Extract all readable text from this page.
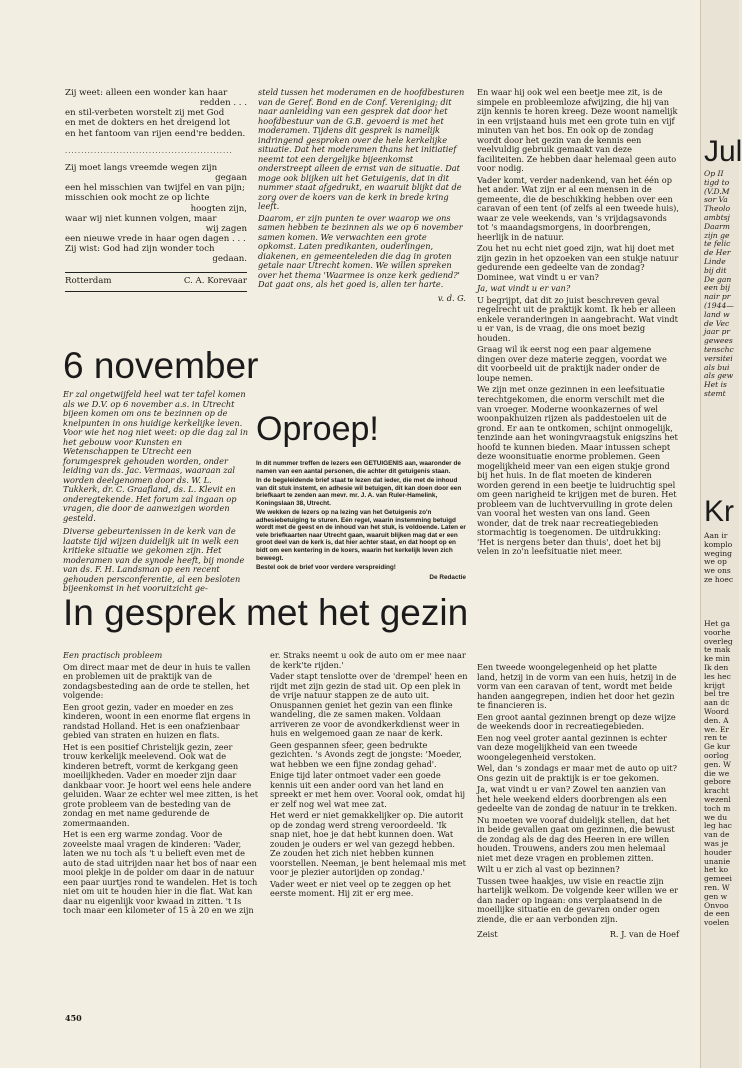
Zij weet: alleen een wonder kan haar
redden . . .
en stil-verbeten worstelt zij met God
en met de dokters en het dreigend lot
en het fantoom van rijen eend're bedden.
....................................................
Zij moet langs vreemde wegen zijn
gegaan
een hel misschien van twijfel en van pijn;
misschien ook mocht ze op lichte
hoogten zijn,
waar wij niet kunnen volgen, maar
wij zagen
een nieuwe vrede in haar ogen dagen . . .
Zij wist: God had zijn wonder toch
gedaan.
Rotterdam	C. A. Korevaar
6 november

Er zal ongetwijfeld heel wat ter tafel komen als we D.V. op 6 november a.s. in Utrecht bijeen komen om ons te bezinnen op de knelpunten in ons huidige kerkelijke leven. Voor wie het nog niet weet: op die dag zal in het gebouw voor Kunsten en Wetenschappen te Utrecht een forumgesprek gehouden worden, onder leiding van ds. Jac. Vermaas, waaraan zal worden deelgenomen door ds. W. L. Tukkerk, dr. C. Graafland, ds. L. Klevit en onderegtekende. Het forum zal ingaan op vragen, die door de aanwezigen worden gesteld.

Diverse gebeurtenissen in de kerk van de laatste tijd wijzen duidelijk uit in welk een kritieke situatie we gekomen zijn. Het moderamen van de synode heeft, bij monde van ds. F. H. Landsman op een recent gehouden persconferentie, al een besloten bijeenkomst in het vooruitzicht ge-

steld tussen het moderamen en de hoofdbesturen van de Geref. Bond en de Conf. Vereniging; dit naar aanleiding van een gesprek dat door het hoofdbestuur van de G.B. gevoerd is met het moderamen. Tijdens dit gesprek is namelijk indringend gesproken over de hele kerkelijke situatie. Dat het moderamen thans het initiatief neemt tot een dergelijke bijeenkomst onderstreept alleen de ernst van de situatie. Dat moge ook blijken uit het Getuigenis, dat in dit nummer staat afgedrukt, en waaruit blijkt dat de zorg over de koers van de kerk in brede kring leeft.

Daarom, er zijn punten te over waarop we ons samen hebben te bezinnen als we op 6 november samen komen. We verwachten een grote opkomst. Laten predikanten, ouderlingen, diakenen, en gemeenteleden die dag in groten getale naar Utrecht komen. We willen spreken over het thema 'Waarmee is onze kerk gediend?' Dat gaat ons, als het goed is, allen ter harte.

v. d. G.
Oproep!

In dit nummer treffen de lezers een GETUIGENIS aan, waaronder de namen van een aantal personen, die achter dit getuigenis staan.

In de begeleidende brief staat te lezen dat ieder, die met de inhoud van dit stuk instemt, en adhesie wil betuigen, dit kan doen door een briefkaart te zenden aan mevr. mr. J. A. van Ruler-Hamelink, Koningslaan 38, Utrecht.

We wekken de lezers op na lezing van het Getuigenis zo'n adhesiebetuiging te sturen. Eén regel, waarin instemming betuigd wordt met de geest en de inhoud van het stuk, is voldoende. Laten er vele briefkaarten naar Utrecht gaan, waaruit blijken mag dat er een groot deel van de kerk is, dat hier achter staat, en dat hoopt op en bidt om een kentering in de koers, waarin het kerkelijk leven zich beweegt.

Bestel ook de brief voor verdere verspreiding!

De Redactie

En waar hij ook wel een beetje mee zit, is de simpele en probleemloze afwijzing, die hij van zijn kennis te horen kreeg. Deze woont namelijk in een vrijstaand huis met een grote tuin en vijf minuten van het bos. En ook op de zondag wordt door het gezin van de kennis een veelvuldig gebruik gemaakt van deze faciliteiten. Ze hebben daar helemaal geen auto voor nodig.

Vader komt, verder nadenkend, van het één op het ander. Wat zijn er al een mensen in de gemeente, die de beschikking hebben over een caravan of een tent (of zelfs al een tweede huis), waar ze vele weekends, van 's vrijdagsavonds tot 's maandagsmorgens, in doorbrengen, heerlijk in de natuur.

Zou het nu echt niet goed zijn, wat hij doet met zijn gezin in het opzoeken van een stukje natuur gedurende een gedeelte van de zondag? Dominee, wat vindt u er van?

Ja, wat vindt u er van?

U begrijpt, dat dit zo juist beschreven geval regelrecht uit de praktijk komt. Ik heb er alleen enkele veranderingen in aangebracht. Wat vindt u er van, is de vraag, die ons moet bezig houden.

Graag wil ik eerst nog een paar algemene dingen over deze materie zeggen, voordat we dit voorbeeld uit de praktijk nader onder de loupe nemen.

We zijn met onze gezinnen in een leefsituatie terechtgekomen, die enorm verschilt met die van vroeger. Moderne woonkazernes of wel woonpakhuizen rijzen als paddestoelen uit de grond. Er aan te ontkomen, schijnt onmogelijk, tenzinde aan het woningvraagstuk enigszins het hoofd te kunnen bieden. Maar intussen schept deze woonsituatie enorme problemen. Geen mogelijkheid meer van een eigen stukje grond bij het huis. In de flat moeten de kinderen worden gerend in een beetje te luidruchtig spel om geen narigheid te krijgen met de buren. Het probleem van de luchtvervuiling in grote delen van vooral het westen van ons land. Geen wonder, dat de trek naar recreatiegebieden stormachtig is toegenomen. De uitdrukking: 'Het is nergens beter dan thuis', doet het bij velen in zo'n leefsituatie niet meer.

In gesprek met het gezin

Een practisch probleem

Om direct maar met de deur in huis te vallen en problemen uit de praktijk van de zondagsbesteding aan de orde te stellen, het volgende:

Een groot gezin, vader en moeder en zes kinderen, woont in een enorme flat ergens in randstad Holland. Het is een onafzienbaar gebied van straten en huizen en flats.

Het is een positief Christelijk gezin, zeer trouw kerkelijk meelevend. Ook wat de kinderen betreft, vormt de kerkgang geen moeilijkheden. Vader en moeder zijn daar dankbaar voor. Je hoort wel eens hele andere geluiden. Waar ze echter wel mee zitten, is het grote probleem van de besteding van de zondag en met name gedurende de zomermaanden.

Het is een erg warme zondag. Voor de zoveelste maal vragen de kinderen: 'Vader, laten we nu toch als 't u belieft even met de auto de stad uitrijden naar het bos of naar een mooi plekje in de polder om daar in de natuur een paar uurtjes rond te wandelen. Het is toch niet om uit te houden hier in die flat. Wat kan daar nu eigenlijk voor kwaad in zitten. 't Is toch maar een kilometer of 15 à 20 en we zijn

er. Straks neemt u ook de auto om er mee naar de kerk'te rijden.'

Vader stapt tenslotte over de 'drempel' heen en rijdt met zijn gezin de stad uit. Op een plek in de vrije natuur stappen ze de auto uit. Onuspannen geniet het gezin van een flinke wandeling, die ze samen maken. Voldaan arriveren ze voor de avondkerkdienst weer in huis en welgemoed gaan ze naar de kerk.

Geen gespannen sfeer, geen bedrukte gezichten. 's Avonds zegt de jongste: 'Moeder, wat hebben we een fijne zondag gehad'.

Enige tijd later ontmoet vader een goede kennis uit een ander oord van het land en spreekt er met hem over. Vooral ook, omdat hij er zelf nog wel wat mee zat.

Het werd er niet gemakkelijker op. Die autorit op de zondag werd streng veroordeeld. 'Ik snap niet, hoe je dat hebt kunnen doen. Wat zouden je ouders er wel van gezegd hebben. Ze zouden het zich niet hebben kunnen voorstellen. Neeman, je bent helemaal mis met voor je plezier autorijden op zondag.'

Vader weet er niet veel op te zeggen op het eerste moment. Hij zit er erg mee.

Een tweede woongelegenheid op het platte land, hetzij in de vorm van een huis, hetzij in de vorm van een caravan of tent, wordt met beide handen aangegrepen, indien het door het gezin te financieren is.

Een groot aantal gezinnen brengt op deze wijze de weekends door in recreatiegebieden.

Een nog veel groter aantal gezinnen is echter van deze mogelijkheid van een tweede woongelegenheid verstoken.

Wel, dan 's zondags er maar met de auto op uit? Ons gezin uit de praktijk is er toe gekomen.

Ja, wat vindt u er van? Zowel ten aanzien van het hele weekend elders doorbrengen als een gedeelte van de zondag de natuur in te trekken.

Nu moeten we vooraf duidelijk stellen, dat het in beide gevallen gaat om gezinnen, die bewust de zondag als de dag des Heeren in ere willen houden. Trouwens, anders zou men helemaal niet met deze vragen en problemen zitten.

Wilt u er zich al vast op bezinnen?

Tussen twee haakjes, uw visie en reactie zijn hartelijk welkom. De volgende keer willen we er dan nader op ingaan: ons verplaatsend in de moeilijke situatie en de gevaren onder ogen ziende, die er aan verbonden zijn.

Zeist	R. J. van de Hoef
450
Jul
Op II
tigd to
(V.D.M
sor Va
Theolo
ambtsj
Daarm
zijn ge
te felic
de Her
Linde
bij dit
De gan
een bij
nair pr
(1944—
land w
de Vec
jaar pr
gewees
tenschc
versitei
als bui
als gew
Het is
stemt
Kr
Aan ir
komplo
weging
we op
we ons
ze hoec
Het ga
voorhe
overleg
te mak
ke min
Ik den
les hec
krijgt
bel tre
aan dc
Woord
den. A
we. Er
ren te
Ge kur
oorlog
gen. W
die we
gebore
kracht
wezenl
toch m
we du
leg hac
van de
was je
houder
unanie
het ko
gemeei
ren. W
gen w
Onvoo
de een
voelen
